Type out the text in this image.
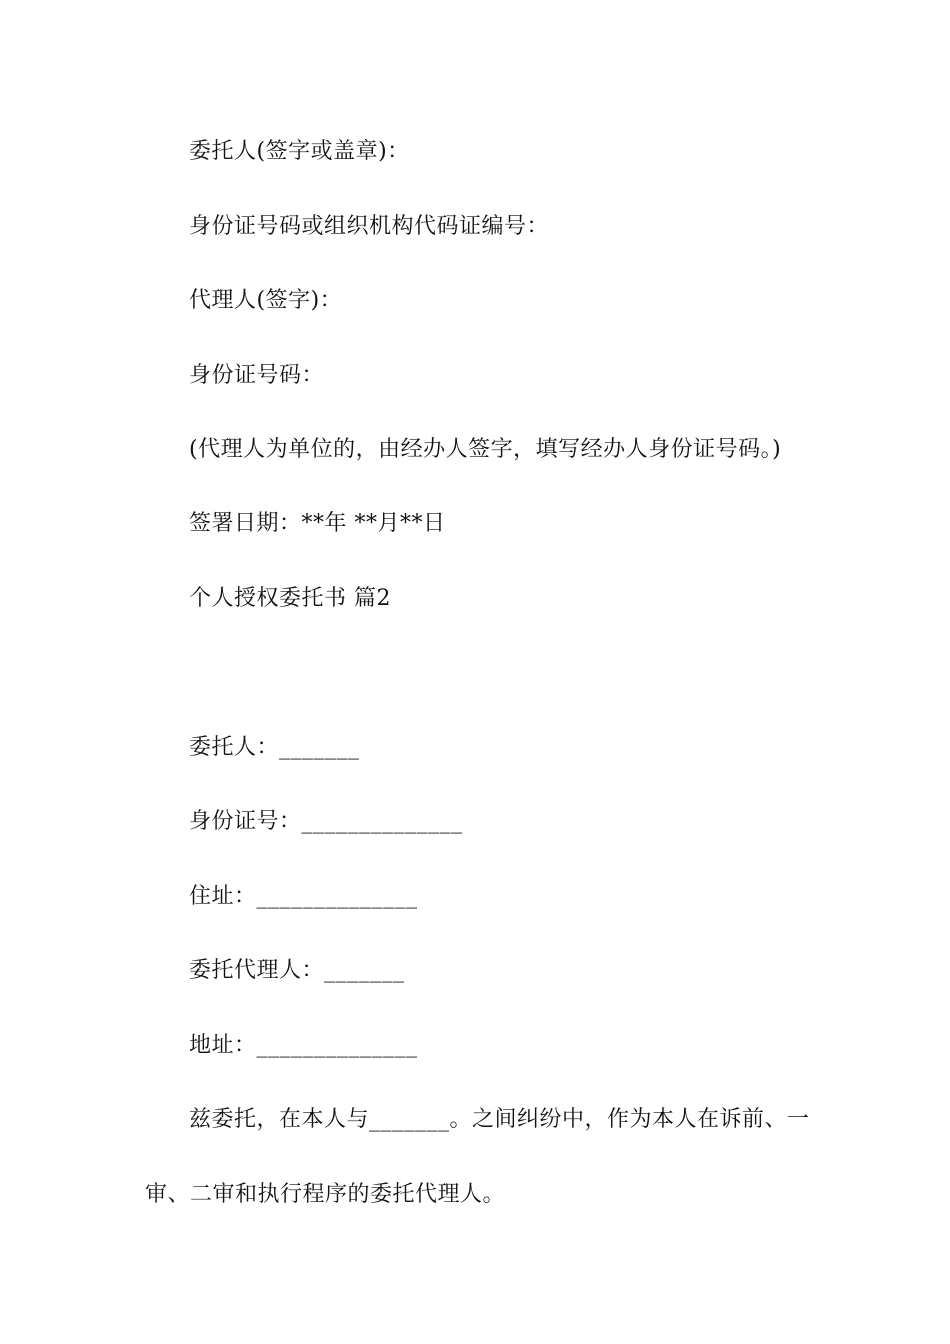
委托人(签字或盖章)：
身份证号码或组织机构代码证编号：
代理人(签字)：
身份证号码：
(代理人为单位的，由经办人签字，填写经办人身份证号码。)
签署日期：**年 **月**日
个人授权委托书 篇2
委托人：_______
身份证号：______________
住址：______________
委托代理人：_______
地址：______________
兹委托，在本人与_______。之间纠纷中，作为本人在诉前、一
审、二审和执行程序的委托代理人。
